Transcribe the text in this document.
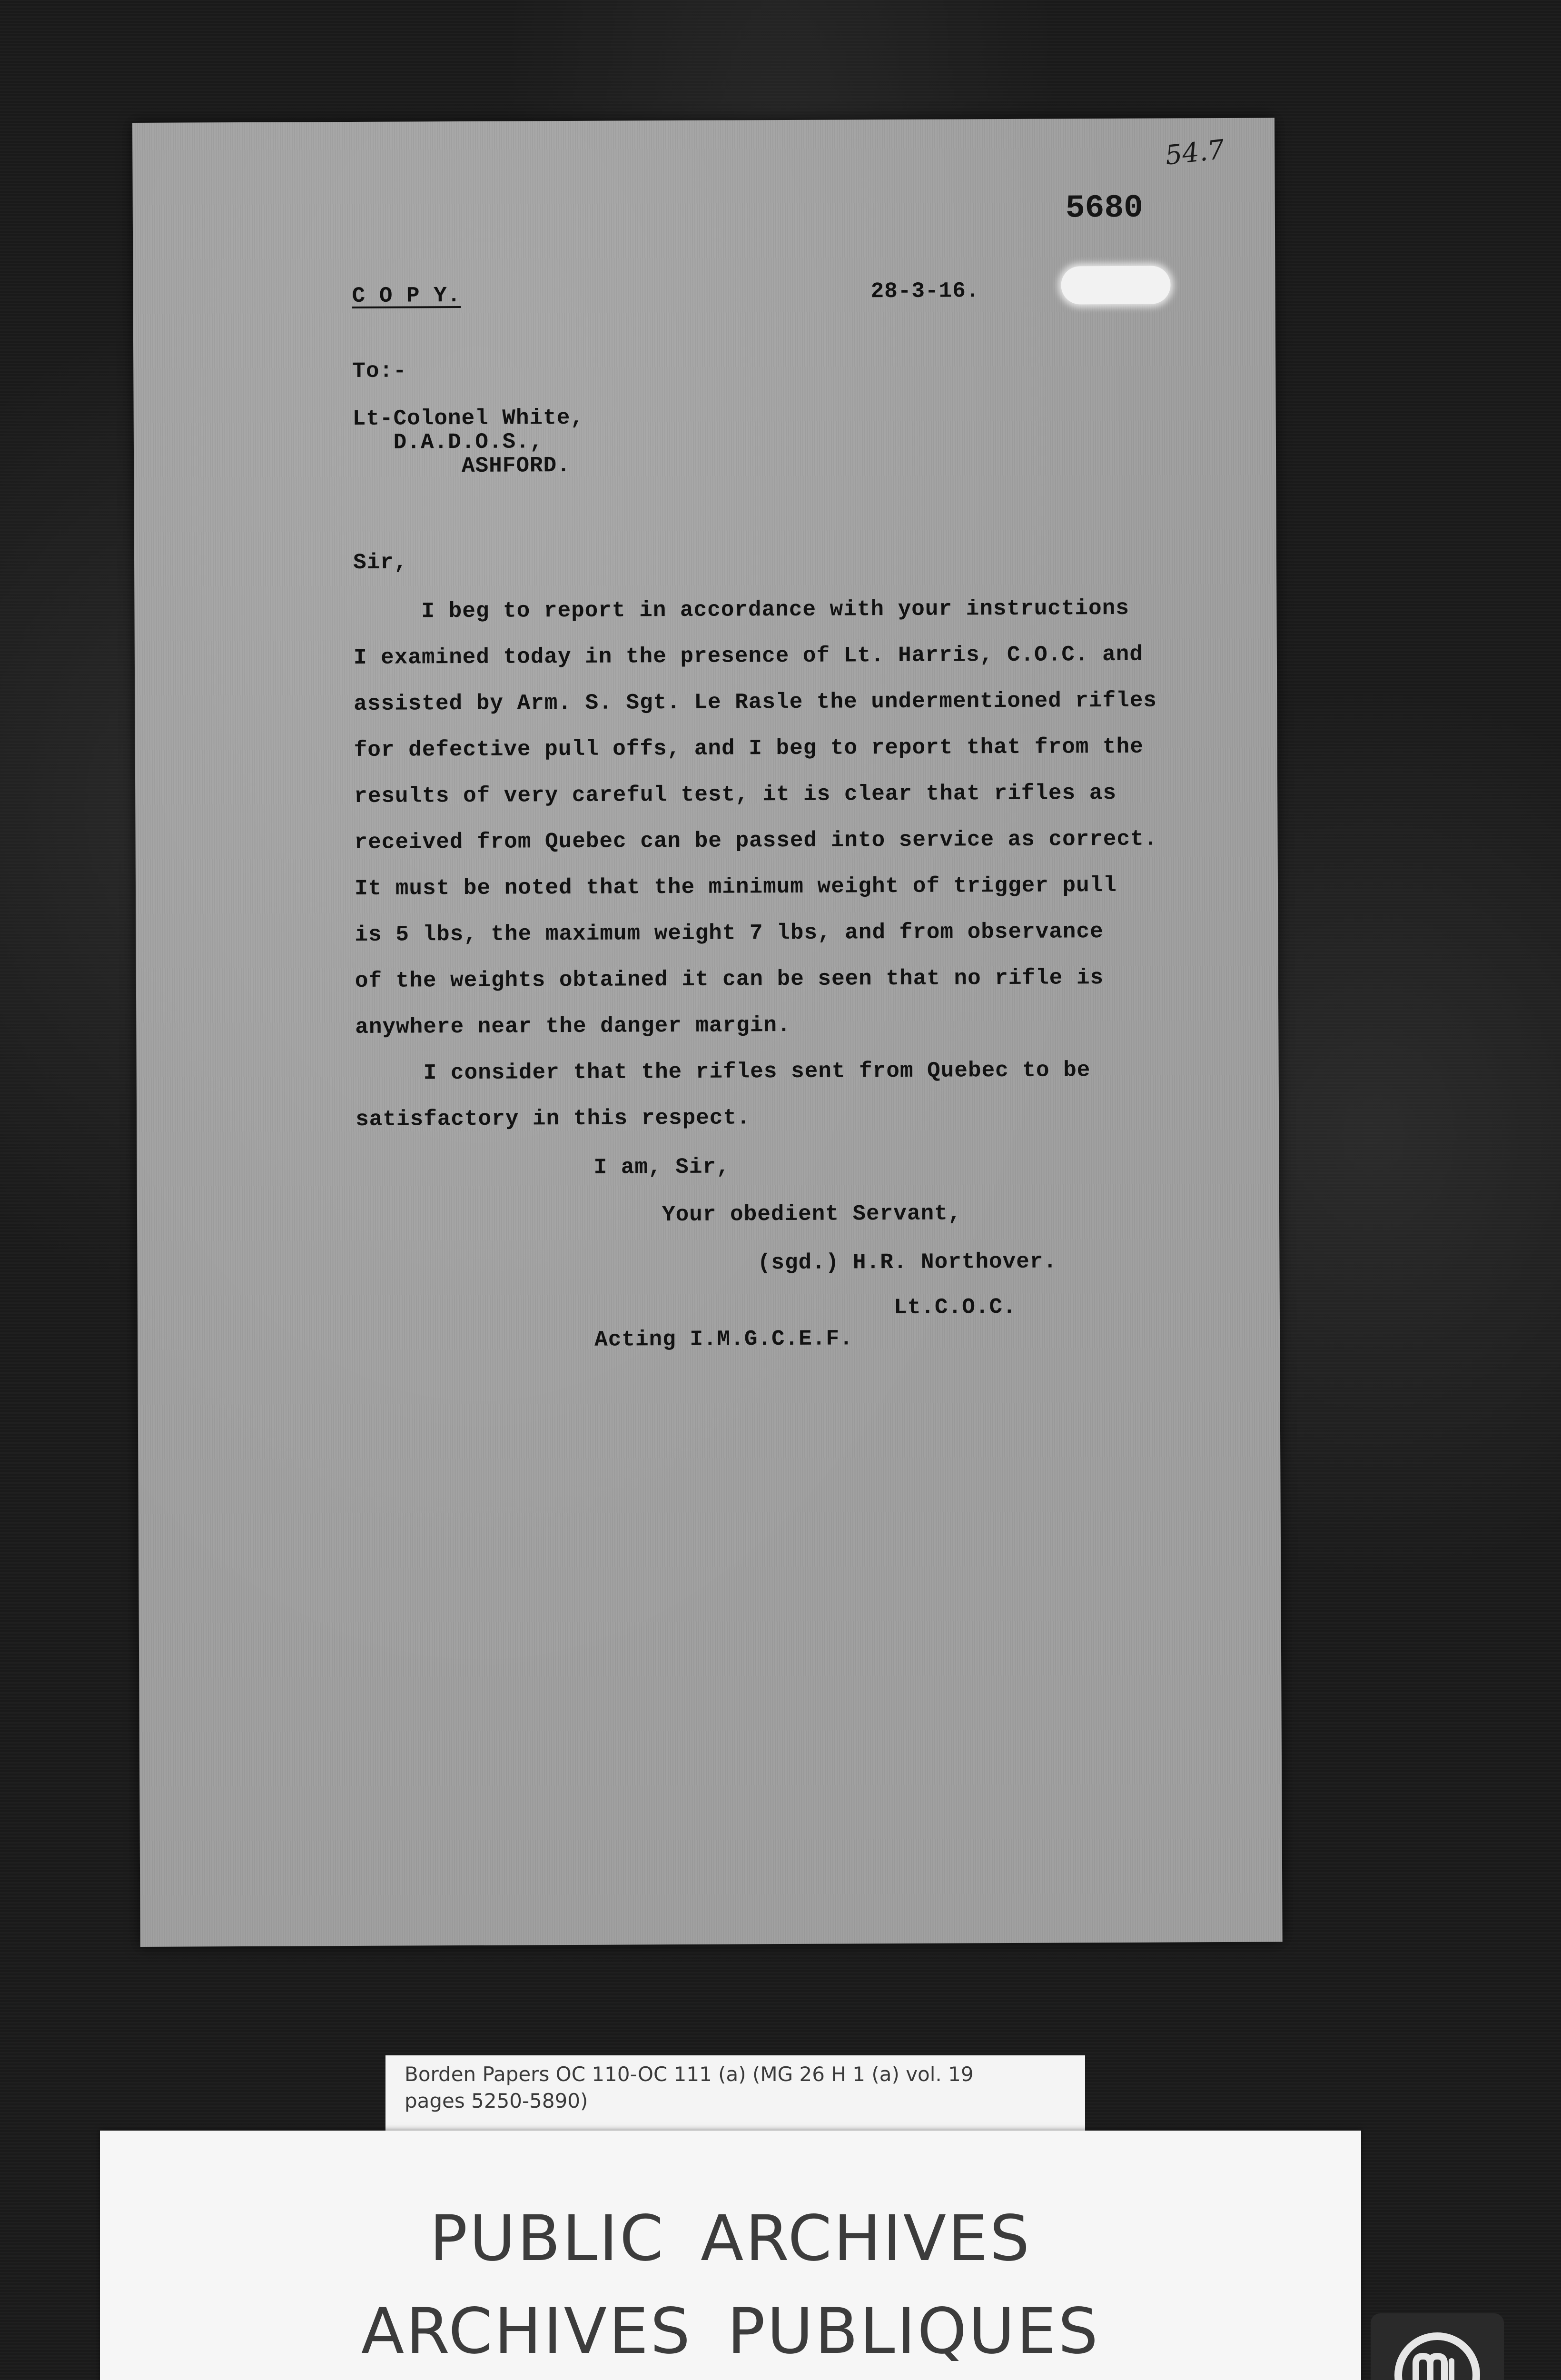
54.7
5680
C O P Y.	28-3-16.
To:-
Lt-Colonel White,
D.A.D.O.S.,
ASHFORD.
Sir,
I beg to report in accordance with your instructions
I examined today in the presence of Lt. Harris, C.O.C. and
assisted by Arm. S. Sgt. Le Rasle the undermentioned rifles
for defective pull offs, and I beg to report that from the
results of very careful test, it is clear that rifles as
received from Quebec can be passed into service as correct.
It must be noted that the minimum weight of trigger pull
is 5 lbs, the maximum weight 7 lbs, and from observance
of the weights obtained it can be seen that no rifle is
anywhere near the danger margin.
I consider that the rifles sent from Quebec to be
satisfactory in this respect.
I am, Sir,
Your obedient Servant,
(sgd.) H.R. Northover.
Lt.C.O.C.
Acting I.M.G.C.E.F.
Borden Papers OC 110-OC 111 (a) (MG 26 H 1 (a) vol. 19
pages 5250-5890)
PUBLIC ARCHIVES
ARCHIVES PUBLIQUES
